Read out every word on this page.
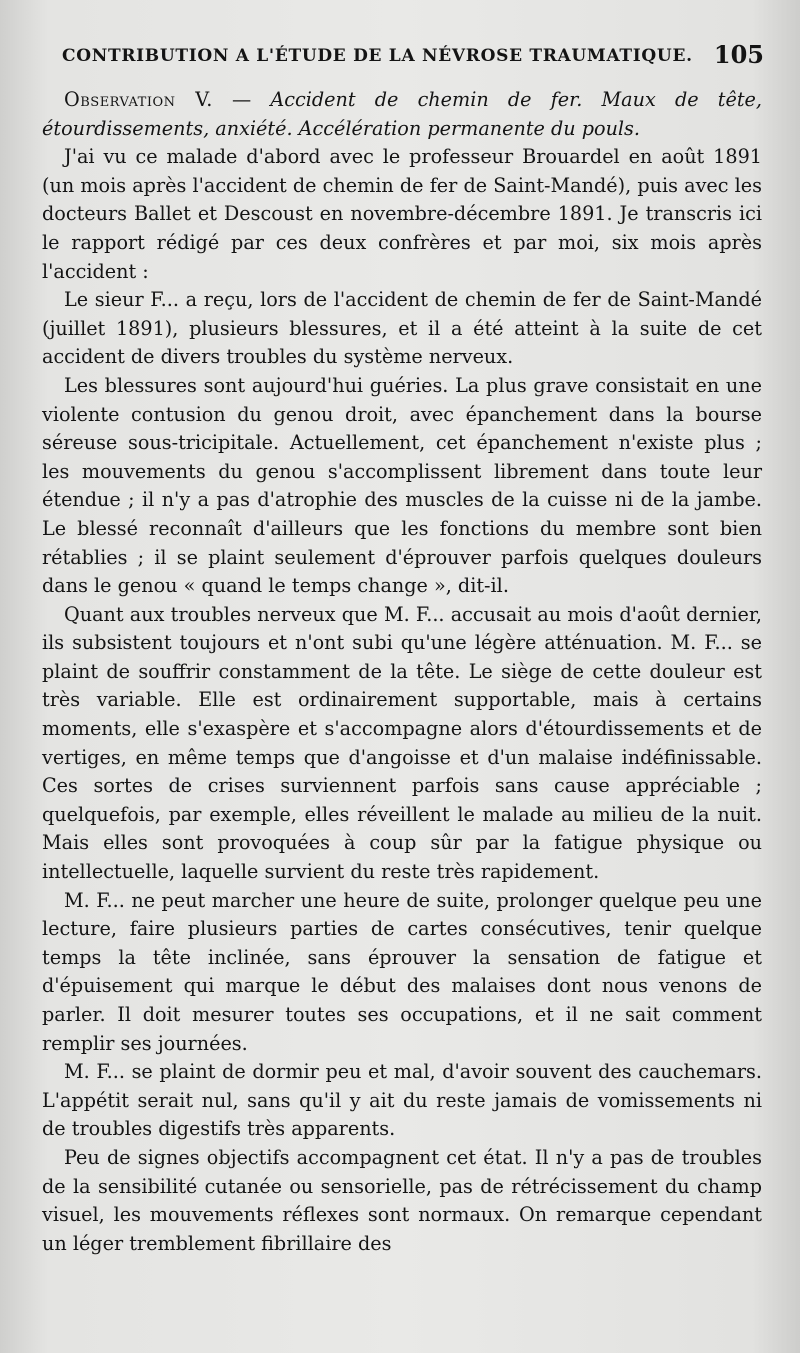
CONTRIBUTION A L'ÉTUDE DE LA NÉVROSE TRAUMATIQUE. 105

Observation V. — Accident de chemin de fer. Maux de tête, étourdissements, anxiété. Accélération permanente du pouls.

J'ai vu ce malade d'abord avec le professeur Brouardel en août 1891 (un mois après l'accident de chemin de fer de Saint-Mandé), puis avec les docteurs Ballet et Descoust en novembre-décembre 1891. Je transcris ici le rapport rédigé par ces deux confrères et par moi, six mois après l'accident :

Le sieur F... a reçu, lors de l'accident de chemin de fer de Saint-Mandé (juillet 1891), plusieurs blessures, et il a été atteint à la suite de cet accident de divers troubles du système nerveux.

Les blessures sont aujourd'hui guéries. La plus grave consistait en une violente contusion du genou droit, avec épanchement dans la bourse séreuse sous-tricipitale. Actuellement, cet épanchement n'existe plus ; les mouvements du genou s'accomplissent librement dans toute leur étendue ; il n'y a pas d'atrophie des muscles de la cuisse ni de la jambe. Le blessé reconnaît d'ailleurs que les fonctions du membre sont bien rétablies ; il se plaint seulement d'éprouver parfois quelques douleurs dans le genou « quand le temps change », dit-il.

Quant aux troubles nerveux que M. F... accusait au mois d'août dernier, ils subsistent toujours et n'ont subi qu'une légère atténuation. M. F... se plaint de souffrir constamment de la tête. Le siège de cette douleur est très variable. Elle est ordinairement supportable, mais à certains moments, elle s'exaspère et s'accompagne alors d'étourdissements et de vertiges, en même temps que d'angoisse et d'un malaise indéfinissable. Ces sortes de crises surviennent parfois sans cause appréciable ; quelquefois, par exemple, elles réveillent le malade au milieu de la nuit. Mais elles sont provoquées à coup sûr par la fatigue physique ou intellectuelle, laquelle survient du reste très rapidement.

M. F... ne peut marcher une heure de suite, prolonger quelque peu une lecture, faire plusieurs parties de cartes consécutives, tenir quelque temps la tête inclinée, sans éprouver la sensation de fatigue et d'épuisement qui marque le début des malaises dont nous venons de parler. Il doit mesurer toutes ses occupations, et il ne sait comment remplir ses journées.

M. F... se plaint de dormir peu et mal, d'avoir souvent des cauchemars. L'appétit serait nul, sans qu'il y ait du reste jamais de vomissements ni de troubles digestifs très apparents.

Peu de signes objectifs accompagnent cet état. Il n'y a pas de troubles de la sensibilité cutanée ou sensorielle, pas de rétrécissement du champ visuel, les mouvements réflexes sont normaux. On remarque cependant un léger tremblement fibrillaire des
